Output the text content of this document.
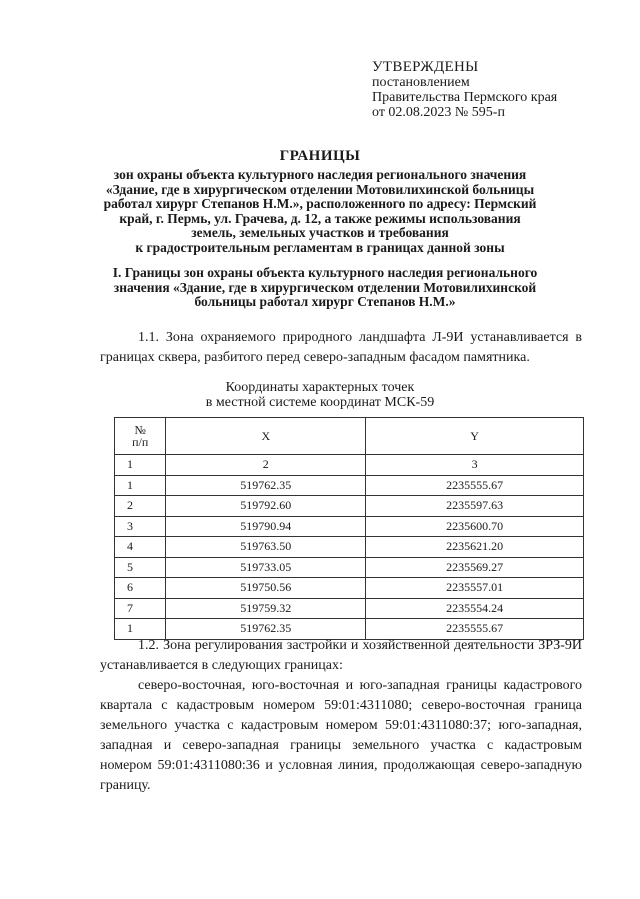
УТВЕРЖДЕНЫ
постановлением
Правительства Пермского края
от 02.08.2023 № 595-п
ГРАНИЦЫ
зон охраны объекта культурного наследия регионального значения
«Здание, где в хирургическом отделении Мотовилихинской больницы
работал хирург Степанов Н.М.», расположенного по адресу: Пермский
край, г. Пермь, ул. Грачева, д. 12, а также режимы использования
земель, земельных участков и требования
к градостроительным регламентам в границах данной зоны
I. Границы зон охраны объекта культурного наследия регионального
значения «Здание, где в хирургическом отделении Мотовилихинской
больницы работал хирург Степанов Н.М.»
1.1. Зона охраняемого природного ландшафта Л-9И устанавливается в границах сквера, разбитого перед северо-западным фасадом памятника.
Координаты характерных точек
в местной системе координат МСК-59
№
п/п	X	Y
1	2	3
1	519762.35	2235555.67
2	519792.60	2235597.63
3	519790.94	2235600.70
4	519763.50	2235621.20
5	519733.05	2235569.27
6	519750.56	2235557.01
7	519759.32	2235554.24
1	519762.35	2235555.67
1.2. Зона регулирования застройки и хозяйственной деятельности ЗРЗ-9И устанавливается в следующих границах:
северо-восточная, юго-восточная и юго-западная границы кадастрового квартала с кадастровым номером 59:01:4311080; северо-восточная граница земельного участка с кадастровым номером 59:01:4311080:37; юго-западная, западная и северо-западная границы земельного участка с кадастровым номером 59:01:4311080:36 и условная линия, продолжающая северо-западную границу.
